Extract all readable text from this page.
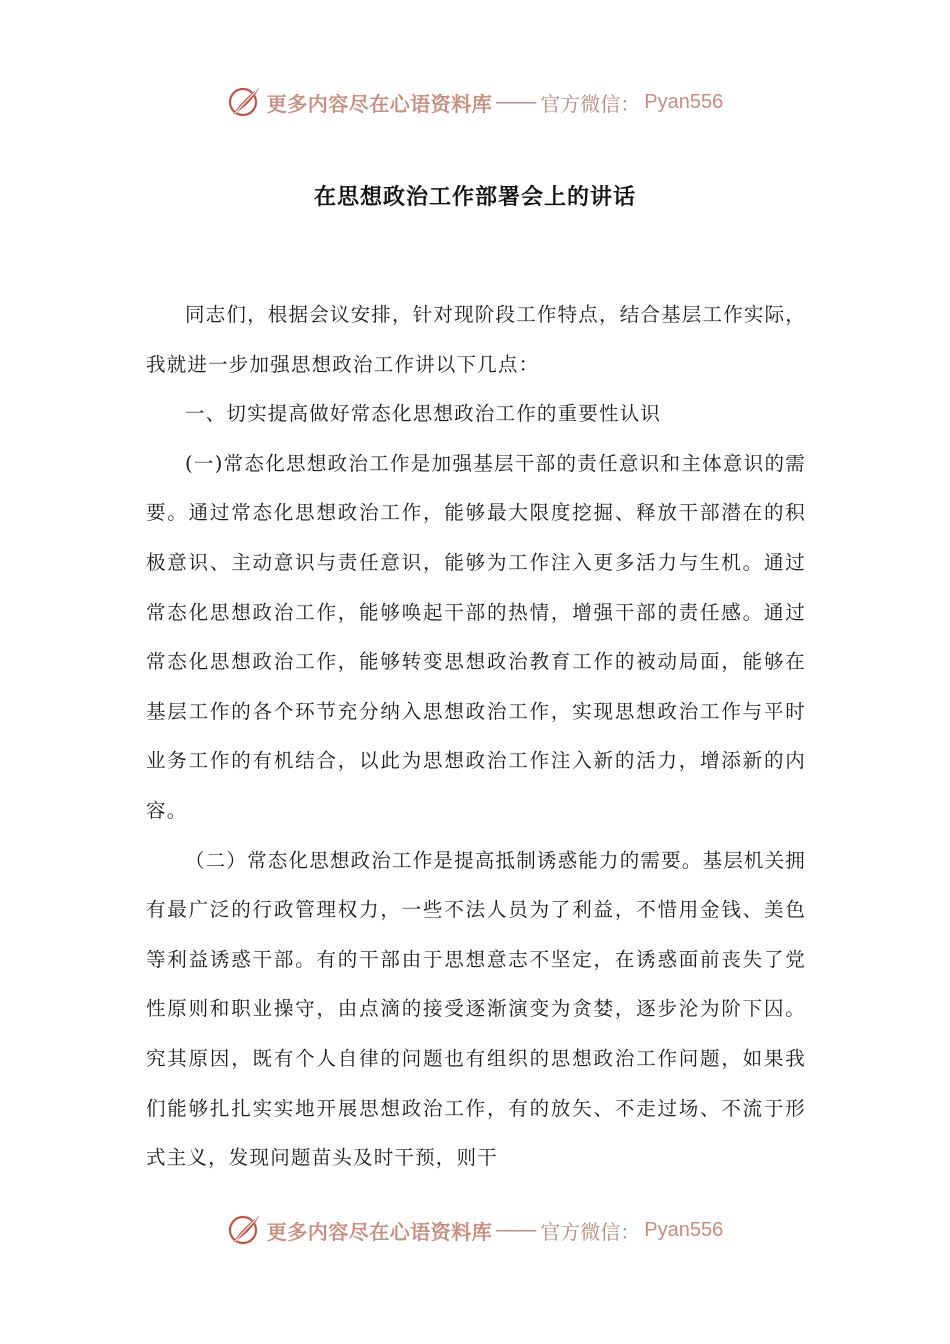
更多内容尽在心语资料库 —— 官方微信： Pyan556
在思想政治工作部署会上的讲话

同志们，根据会议安排，针对现阶段工作特点，结合基层工作实际，我就进一步加强思想政治工作讲以下几点：

一、切实提高做好常态化思想政治工作的重要性认识

(一)常态化思想政治工作是加强基层干部的责任意识和主体意识的需要。通过常态化思想政治工作，能够最大限度挖掘、释放干部潜在的积极意识、主动意识与责任意识，能够为工作注入更多活力与生机。通过常态化思想政治工作，能够唤起干部的热情，增强干部的责任感。通过常态化思想政治工作，能够转变思想政治教育工作的被动局面，能够在基层工作的各个环节充分纳入思想政治工作，实现思想政治工作与平时业务工作的有机结合，以此为思想政治工作注入新的活力，增添新的内容。

（二）常态化思想政治工作是提高抵制诱惑能力的需要。基层机关拥有最广泛的行政管理权力，一些不法人员为了利益，不惜用金钱、美色等利益诱惑干部。有的干部由于思想意志不坚定，在诱惑面前丧失了党性原则和职业操守，由点滴的接受逐渐演变为贪婪，逐步沦为阶下囚。究其原因，既有个人自律的问题也有组织的思想政治工作问题，如果我们能够扎扎实实地开展思想政治工作，有的放矢、不走过场、不流于形式主义，发现问题苗头及时干预，则干

更多内容尽在心语资料库 —— 官方微信： Pyan556
